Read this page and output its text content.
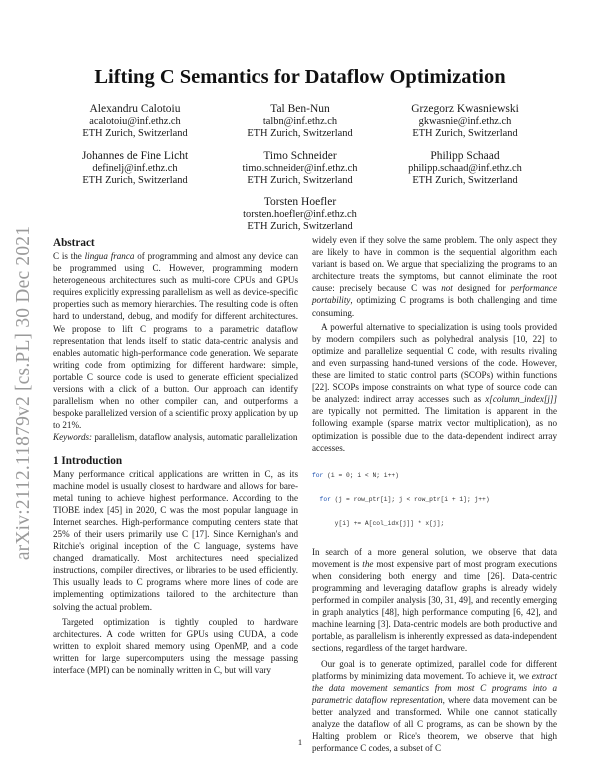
arXiv:2112.11879v2 [cs.PL] 30 Dec 2021
Lifting C Semantics for Dataflow Optimization
Alexandru Calotoiu
acalotoiu@inf.ethz.ch
ETH Zurich, Switzerland
Tal Ben-Nun
talbn@inf.ethz.ch
ETH Zurich, Switzerland
Grzegorz Kwasniewski
gkwasnie@inf.ethz.ch
ETH Zurich, Switzerland
Johannes de Fine Licht
definelj@inf.ethz.ch
ETH Zurich, Switzerland
Timo Schneider
timo.schneider@inf.ethz.ch
ETH Zurich, Switzerland
Philipp Schaad
philipp.schaad@inf.ethz.ch
ETH Zurich, Switzerland
Torsten Hoefler
torsten.hoefler@inf.ethz.ch
ETH Zurich, Switzerland
Abstract

C is the lingua franca of programming and almost any device can be programmed using C. However, programming modern heterogeneous architectures such as multi-core CPUs and GPUs requires explicitly expressing parallelism as well as device-specific properties such as memory hierarchies. The resulting code is often hard to understand, debug, and modify for different architectures. We propose to lift C programs to a parametric dataflow representation that lends itself to static data-centric analysis and enables automatic high-performance code generation. We separate writing code from optimizing for different hardware: simple, portable C source code is used to generate efficient specialized versions with a click of a button. Our approach can identify parallelism when no other compiler can, and outperforms a bespoke parallelized version of a scientific proxy application by up to 21%.

Keywords: parallelism, dataflow analysis, automatic parallelization

1 Introduction

Many performance critical applications are written in C, as its machine model is usually closest to hardware and allows for bare-metal tuning to achieve highest performance. According to the TIOBE index [45] in 2020, C was the most popular language in Internet searches. High-performance computing centers state that 25% of their users primarily use C [17]. Since Kernighan's and Ritchie's original inception of the C language, systems have changed dramatically. Most architectures need specialized instructions, compiler directives, or libraries to be used efficiently. This usually leads to C programs where more lines of code are implementing optimizations tailored to the architecture than solving the actual problem.

Targeted optimization is tightly coupled to hardware architectures. A code written for GPUs using CUDA, a code written to exploit shared memory using OpenMP, and a code written for large supercomputers using the message passing interface (MPI) can be nominally written in C, but will vary

widely even if they solve the same problem. The only aspect they are likely to have in common is the sequential algorithm each variant is based on. We argue that specializing the programs to an architecture treats the symptoms, but cannot eliminate the root cause: precisely because C was not designed for performance portability, optimizing C programs is both challenging and time consuming.

A powerful alternative to specialization is using tools provided by modern compilers such as polyhedral analysis [10, 22] to optimize and parallelize sequential C code, with results rivaling and even surpassing hand-tuned versions of the code. However, these are limited to static control parts (SCOPs) within functions [22]. SCOPs impose constraints on what type of source code can be analyzed: indirect array accesses such as x[column_index[j]] are typically not permitted. The limitation is apparent in the following example (sparse matrix vector multiplication), as no optimization is possible due to the data-dependent indirect array accesses.

for (i = 0; i < N; i++)

for (j = row_ptr[i]; j < row_ptr[i + 1]; j++)

y[i] += A[col_idx[j]] * x[j];

In search of a more general solution, we observe that data movement is the most expensive part of most program executions when considering both energy and time [26]. Data-centric programming and leveraging dataflow graphs is already widely performed in compiler analysis [30, 31, 49], and recently emerging in graph analytics [48], high performance computing [6, 42], and machine learning [3]. Data-centric models are both productive and portable, as parallelism is inherently expressed as data-independent sections, regardless of the target hardware.

Our goal is to generate optimized, parallel code for different platforms by minimizing data movement. To achieve it, we extract the data movement semantics from most C programs into a parametric dataflow representation, where data movement can be better analyzed and transformed. While one cannot statically analyze the dataflow of all C programs, as can be shown by the Halting problem or Rice's theorem, we observe that high performance C codes, a subset of C

1
